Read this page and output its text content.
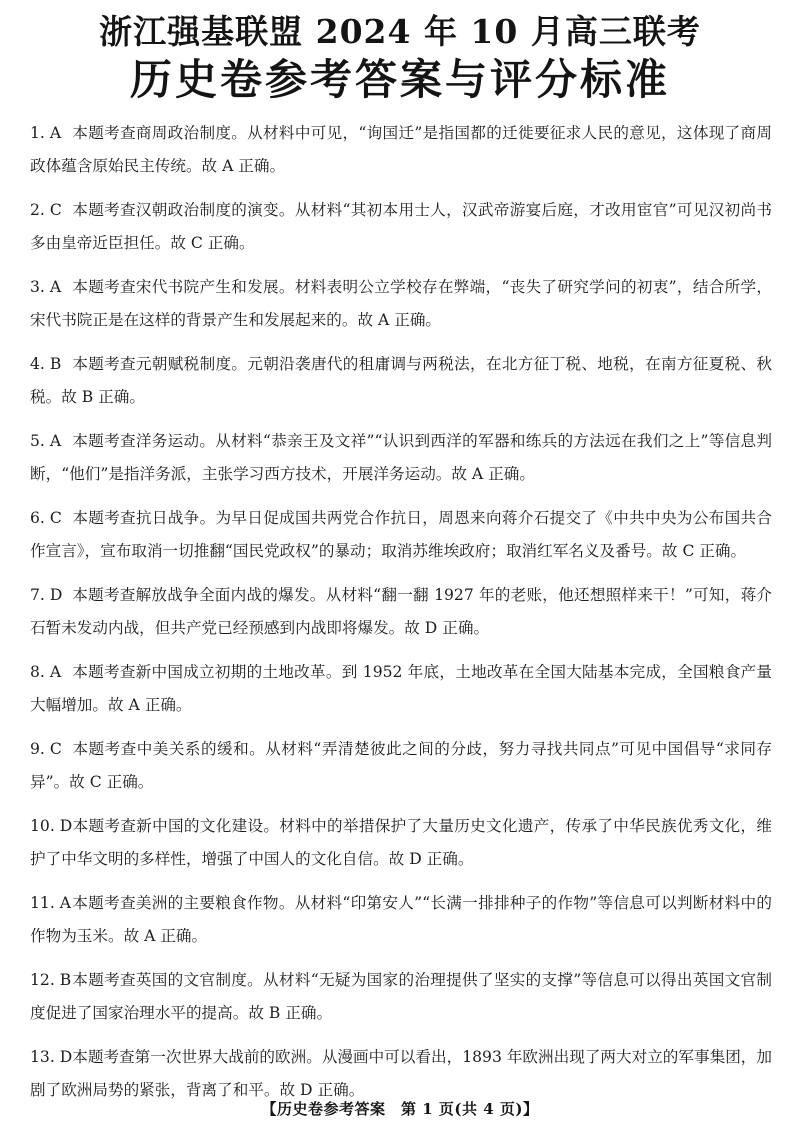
浙江强基联盟 2024 年 10 月高三联考
历史卷参考答案与评分标准
1. A 本题考查商周政治制度。从材料中可见，“询国迁”是指国都的迁徙要征求人民的意见，这体现了商周政体蕴含原始民主传统。故 A 正确。
2. C 本题考查汉朝政治制度的演变。从材料“其初本用士人，汉武帝游宴后庭，才改用宦官”可见汉初尚书多由皇帝近臣担任。故 C 正确。
3. A 本题考查宋代书院产生和发展。材料表明公立学校存在弊端，“丧失了研究学问的初衷”，结合所学，宋代书院正是在这样的背景产生和发展起来的。故 A 正确。
4. B 本题考查元朝赋税制度。元朝沿袭唐代的租庸调与两税法，在北方征丁税、地税，在南方征夏税、秋税。故 B 正确。
5. A 本题考查洋务运动。从材料“恭亲王及文祥”“认识到西洋的军器和练兵的方法远在我们之上”等信息判断，“他们”是指洋务派，主张学习西方技术，开展洋务运动。故 A 正确。
6. C 本题考查抗日战争。为早日促成国共两党合作抗日，周恩来向蒋介石提交了《中共中央为公布国共合作宣言》，宣布取消一切推翻“国民党政权”的暴动；取消苏维埃政府；取消红军名义及番号。故 C 正确。
7. D 本题考查解放战争全面内战的爆发。从材料“翻一翻 1927 年的老账，他还想照样来干！”可知，蒋介石暂未发动内战，但共产党已经预感到内战即将爆发。故 D 正确。
8. A 本题考查新中国成立初期的土地改革。到 1952 年底，土地改革在全国大陆基本完成，全国粮食产量大幅增加。故 A 正确。
9. C 本题考查中美关系的缓和。从材料“弄清楚彼此之间的分歧，努力寻找共同点”可见中国倡导“求同存异”。故 C 正确。
10. D本题考查新中国的文化建设。材料中的举措保护了大量历史文化遗产，传承了中华民族优秀文化，维护了中华文明的多样性，增强了中国人的文化自信。故 D 正确。
11. A本题考查美洲的主要粮食作物。从材料“印第安人”“长满一排排种子的作物”等信息可以判断材料中的作物为玉米。故 A 正确。
12. B本题考查英国的文官制度。从材料“无疑为国家的治理提供了坚实的支撑”等信息可以得出英国文官制度促进了国家治理水平的提高。故 B 正确。
13. D本题考查第一次世界大战前的欧洲。从漫画中可以看出，1893 年欧洲出现了两大对立的军事集团，加剧了欧洲局势的紧张，背离了和平。故 D 正确。
【历史卷参考答案　第 1 页(共 4 页)】
